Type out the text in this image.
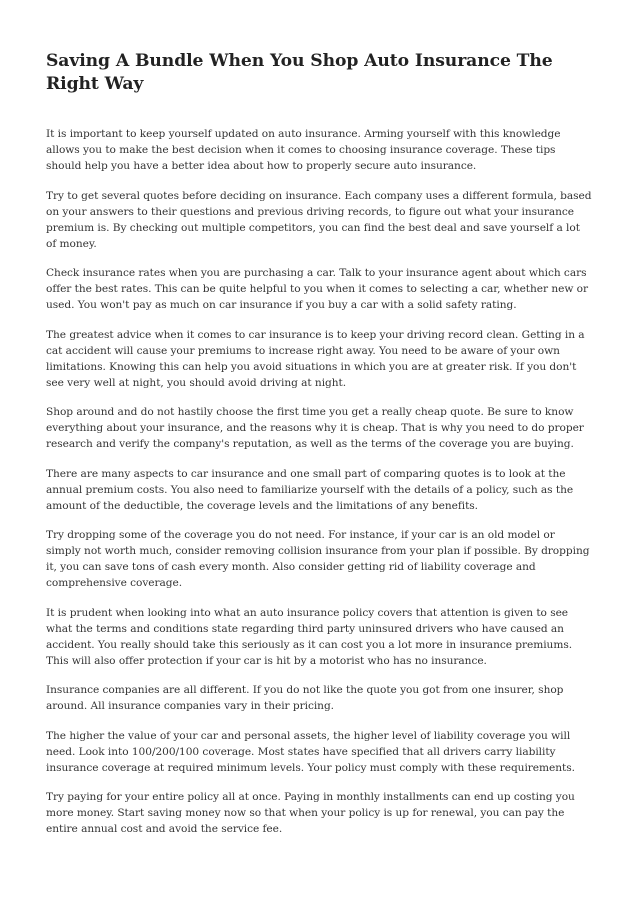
Saving A Bundle When You Shop Auto Insurance The Right Way

It is important to keep yourself updated on auto insurance. Arming yourself with this knowledge allows you to make the best decision when it comes to choosing insurance coverage. These tips should help you have a better idea about how to properly secure auto insurance.

Try to get several quotes before deciding on insurance. Each company uses a different formula, based on your answers to their questions and previous driving records, to figure out what your insurance premium is. By checking out multiple competitors, you can find the best deal and save yourself a lot of money.

Check insurance rates when you are purchasing a car. Talk to your insurance agent about which cars offer the best rates. This can be quite helpful to you when it comes to selecting a car, whether new or used. You won't pay as much on car insurance if you buy a car with a solid safety rating.

The greatest advice when it comes to car insurance is to keep your driving record clean. Getting in a cat accident will cause your premiums to increase right away. You need to be aware of your own limitations. Knowing this can help you avoid situations in which you are at greater risk. If you don't see very well at night, you should avoid driving at night.

Shop around and do not hastily choose the first time you get a really cheap quote. Be sure to know everything about your insurance, and the reasons why it is cheap. That is why you need to do proper research and verify the company's reputation, as well as the terms of the coverage you are buying.

There are many aspects to car insurance and one small part of comparing quotes is to look at the annual premium costs. You also need to familiarize yourself with the details of a policy, such as the amount of the deductible, the coverage levels and the limitations of any benefits.

Try dropping some of the coverage you do not need. For instance, if your car is an old model or simply not worth much, consider removing collision insurance from your plan if possible. By dropping it, you can save tons of cash every month. Also consider getting rid of liability coverage and comprehensive coverage.

It is prudent when looking into what an auto insurance policy covers that attention is given to see what the terms and conditions state regarding third party uninsured drivers who have caused an accident. You really should take this seriously as it can cost you a lot more in insurance premiums. This will also offer protection if your car is hit by a motorist who has no insurance.

Insurance companies are all different. If you do not like the quote you got from one insurer, shop around. All insurance companies vary in their pricing.

The higher the value of your car and personal assets, the higher level of liability coverage you will need. Look into 100/200/100 coverage. Most states have specified that all drivers carry liability insurance coverage at required minimum levels. Your policy must comply with these requirements.

Try paying for your entire policy all at once. Paying in monthly installments can end up costing you more money. Start saving money now so that when your policy is up for renewal, you can pay the entire annual cost and avoid the service fee.
